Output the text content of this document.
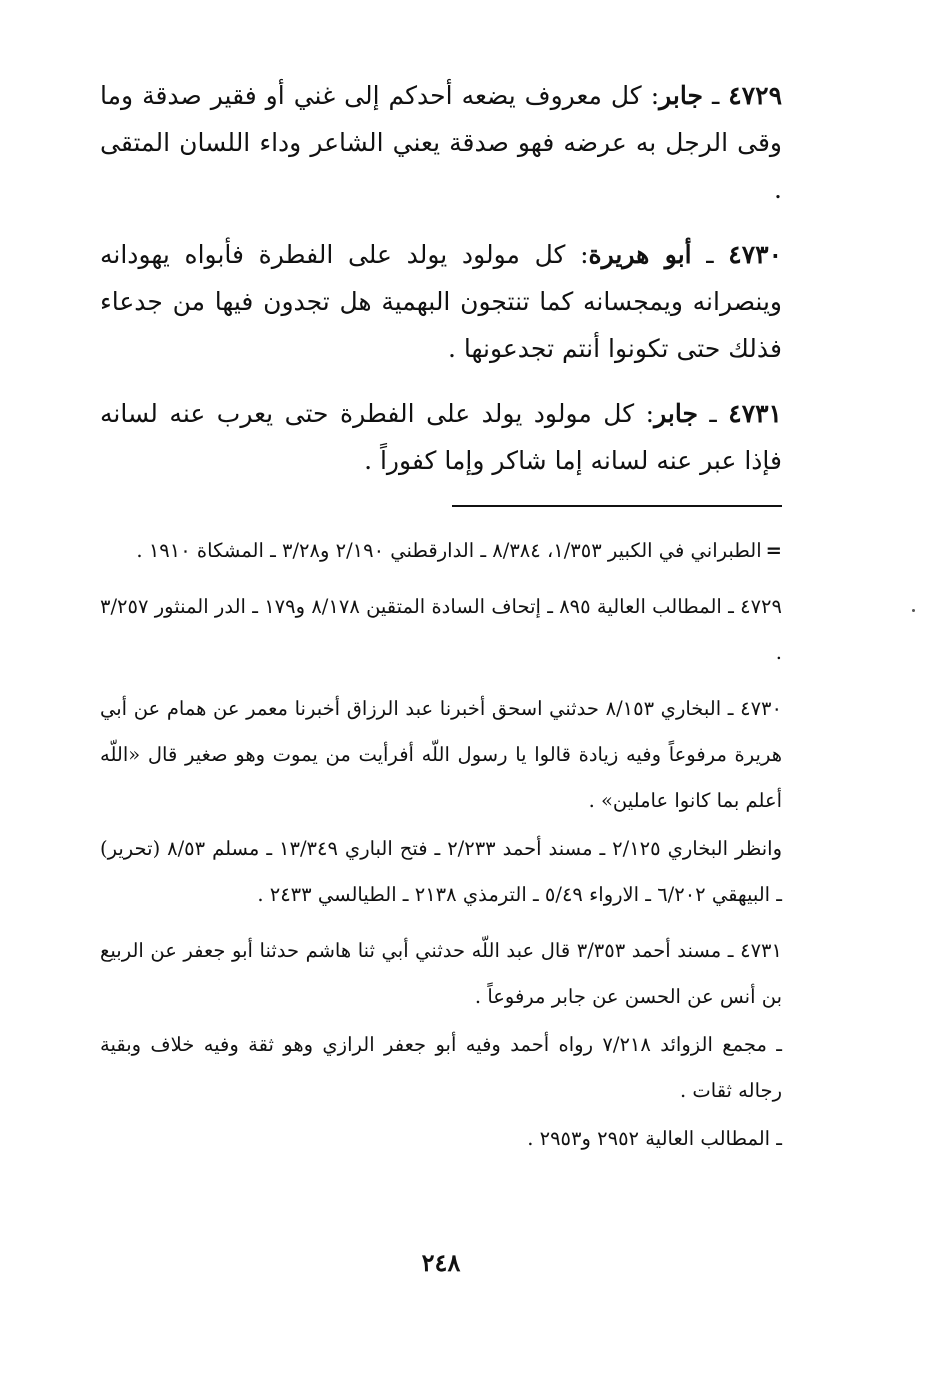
٤٧٢٩ ـ جابر: كل معروف يضعه أحدكم إلى غني أو فقير صدقة وما وقى الرجل به عرضه فهو صدقة يعني الشاعر وداء اللسان المتقى .

٤٧٣٠ ـ أبو هريرة: كل مولود يولد على الفطرة فأبواه يهودانه وينصرانه ويمجسانه كما تنتجون البهمية هل تجدون فيها من جدعاء فذلك حتى تكونوا أنتم تجدعونها .

٤٧٣١ ـ جابر: كل مولود يولد على الفطرة حتى يعرب عنه لسانه فإذا عبر عنه لسانه إما شاكر وإما كفوراً .

=الطبراني في الكبير ١/٣٥٣، ٨/٣٨٤ ـ الدارقطني ٢/١٩٠ و٣/٢٨ ـ المشكاة ١٩١٠ .

٤٧٢٩ ـ المطالب العالية ٨٩٥ ـ إتحاف السادة المتقين ٨/١٧٨ و١٧٩ ـ الدر المنثور ٣/٢٥٧ .

٤٧٣٠ ـ البخاري ٨/١٥٣ حدثني اسحق أخبرنا عبد الرزاق أخبرنا معمر عن همام عن أبي هريرة مرفوعاً وفيه زيادة قالوا يا رسول اللّه أفرأيت من يموت وهو صغير قال «اللّه أعلم بما كانوا عاملين» .

وانظر البخاري ٢/١٢٥ ـ مسند أحمد ٢/٢٣٣ ـ فتح الباري ١٣/٣٤٩ ـ مسلم ٨/٥٣ (تحرير) ـ البيهقي ٦/٢٠٢ ـ الارواء ٥/٤٩ ـ الترمذي ٢١٣٨ ـ الطيالسي ٢٤٣٣ .

٤٧٣١ ـ مسند أحمد ٣/٣٥٣ قال عبد اللّه حدثني أبي ثنا هاشم حدثنا أبو جعفر عن الربيع بن أنس عن الحسن عن جابر مرفوعاً .

ـ مجمع الزوائد ٧/٢١٨ رواه أحمد وفيه أبو جعفر الرازي وهو ثقة وفيه خلاف وبقية رجاله ثقات .

ـ المطالب العالية ٢٩٥٢ و٢٩٥٣ .

٢٤٨
